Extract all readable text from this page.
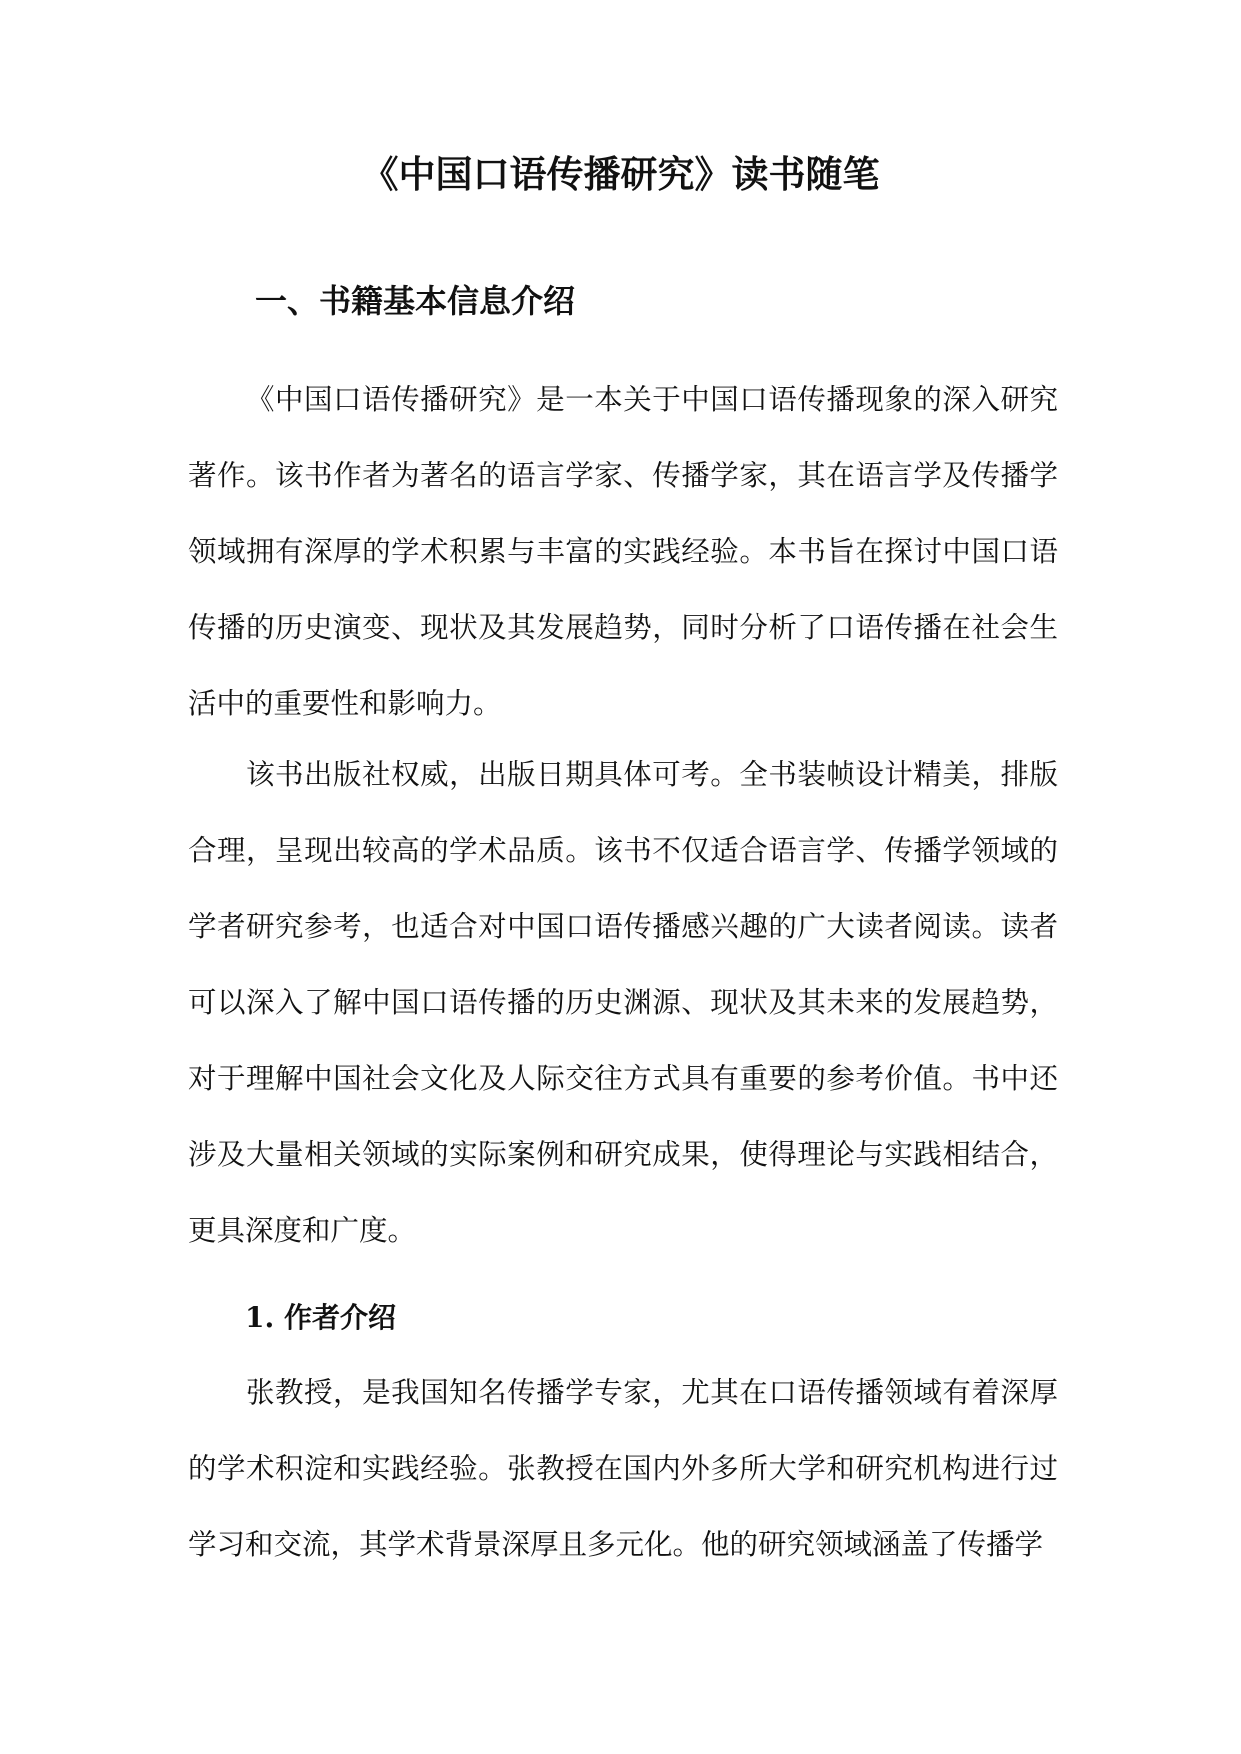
《中国口语传播研究》读书随笔
一、书籍基本信息介绍

《中国口语传播研究》是一本关于中国口语传播现象的深入研究著作。该书作者为著名的语言学家、传播学家，其在语言学及传播学领域拥有深厚的学术积累与丰富的实践经验。本书旨在探讨中国口语传播的历史演变、现状及其发展趋势，同时分析了口语传播在社会生活中的重要性和影响力。

该书出版社权威，出版日期具体可考。全书装帧设计精美，排版合理，呈现出较高的学术品质。该书不仅适合语言学、传播学领域的学者研究参考，也适合对中国口语传播感兴趣的广大读者阅读。读者可以深入了解中国口语传播的历史渊源、现状及其未来的发展趋势，对于理解中国社会文化及人际交往方式具有重要的参考价值。书中还涉及大量相关领域的实际案例和研究成果，使得理论与实践相结合，更具深度和广度。

1. 作者介绍

张教授，是我国知名传播学专家，尤其在口语传播领域有着深厚的学术积淀和实践经验。张教授在国内外多所大学和研究机构进行过学习和交流，其学术背景深厚且多元化。他的研究领域涵盖了传播学
